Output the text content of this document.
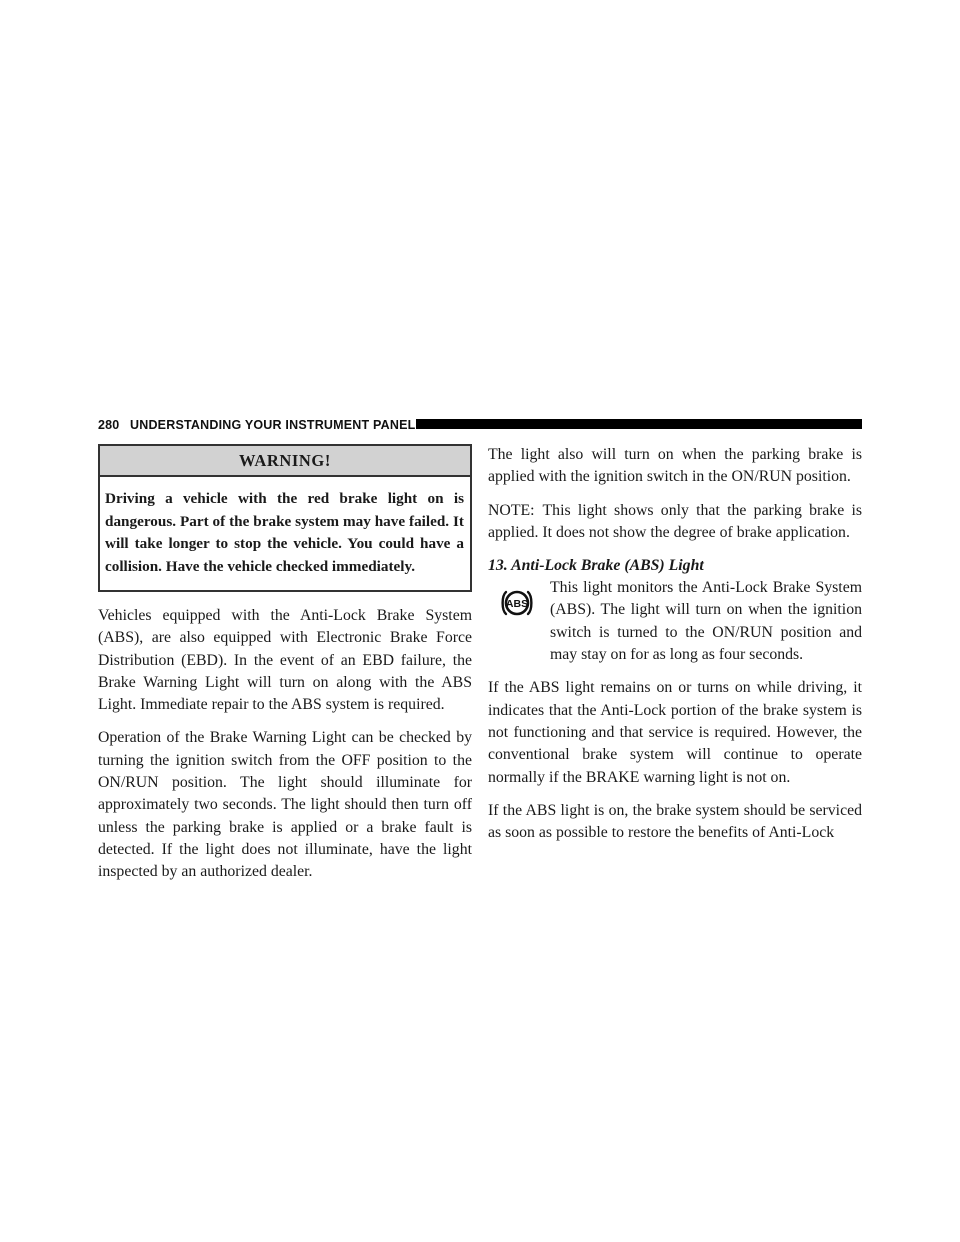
280 UNDERSTANDING YOUR INSTRUMENT PANEL
WARNING!
Driving a vehicle with the red brake light on is dangerous. Part of the brake system may have failed. It will take longer to stop the vehicle. You could have a collision. Have the vehicle checked immediately.

Vehicles equipped with the Anti-Lock Brake System (ABS), are also equipped with Electronic Brake Force Distribution (EBD). In the event of an EBD failure, the Brake Warning Light will turn on along with the ABS Light. Immediate repair to the ABS system is required.

Operation of the Brake Warning Light can be checked by turning the ignition switch from the OFF position to the ON/RUN position. The light should illuminate for approximately two seconds. The light should then turn off unless the parking brake is applied or a brake fault is detected. If the light does not illuminate, have the light inspected by an authorized dealer.

The light also will turn on when the parking brake is applied with the ignition switch in the ON/RUN position.

NOTE: This light shows only that the parking brake is applied. It does not show the degree of brake application.

13. Anti-Lock Brake (ABS) Light

ABS

This light monitors the Anti-Lock Brake System (ABS). The light will turn on when the ignition switch is turned to the ON/RUN position and may stay on for as long as four seconds.

If the ABS light remains on or turns on while driving, it indicates that the Anti-Lock portion of the brake system is not functioning and that service is required. However, the conventional brake system will continue to operate normally if the BRAKE warning light is not on.

If the ABS light is on, the brake system should be serviced as soon as possible to restore the benefits of Anti-Lock
